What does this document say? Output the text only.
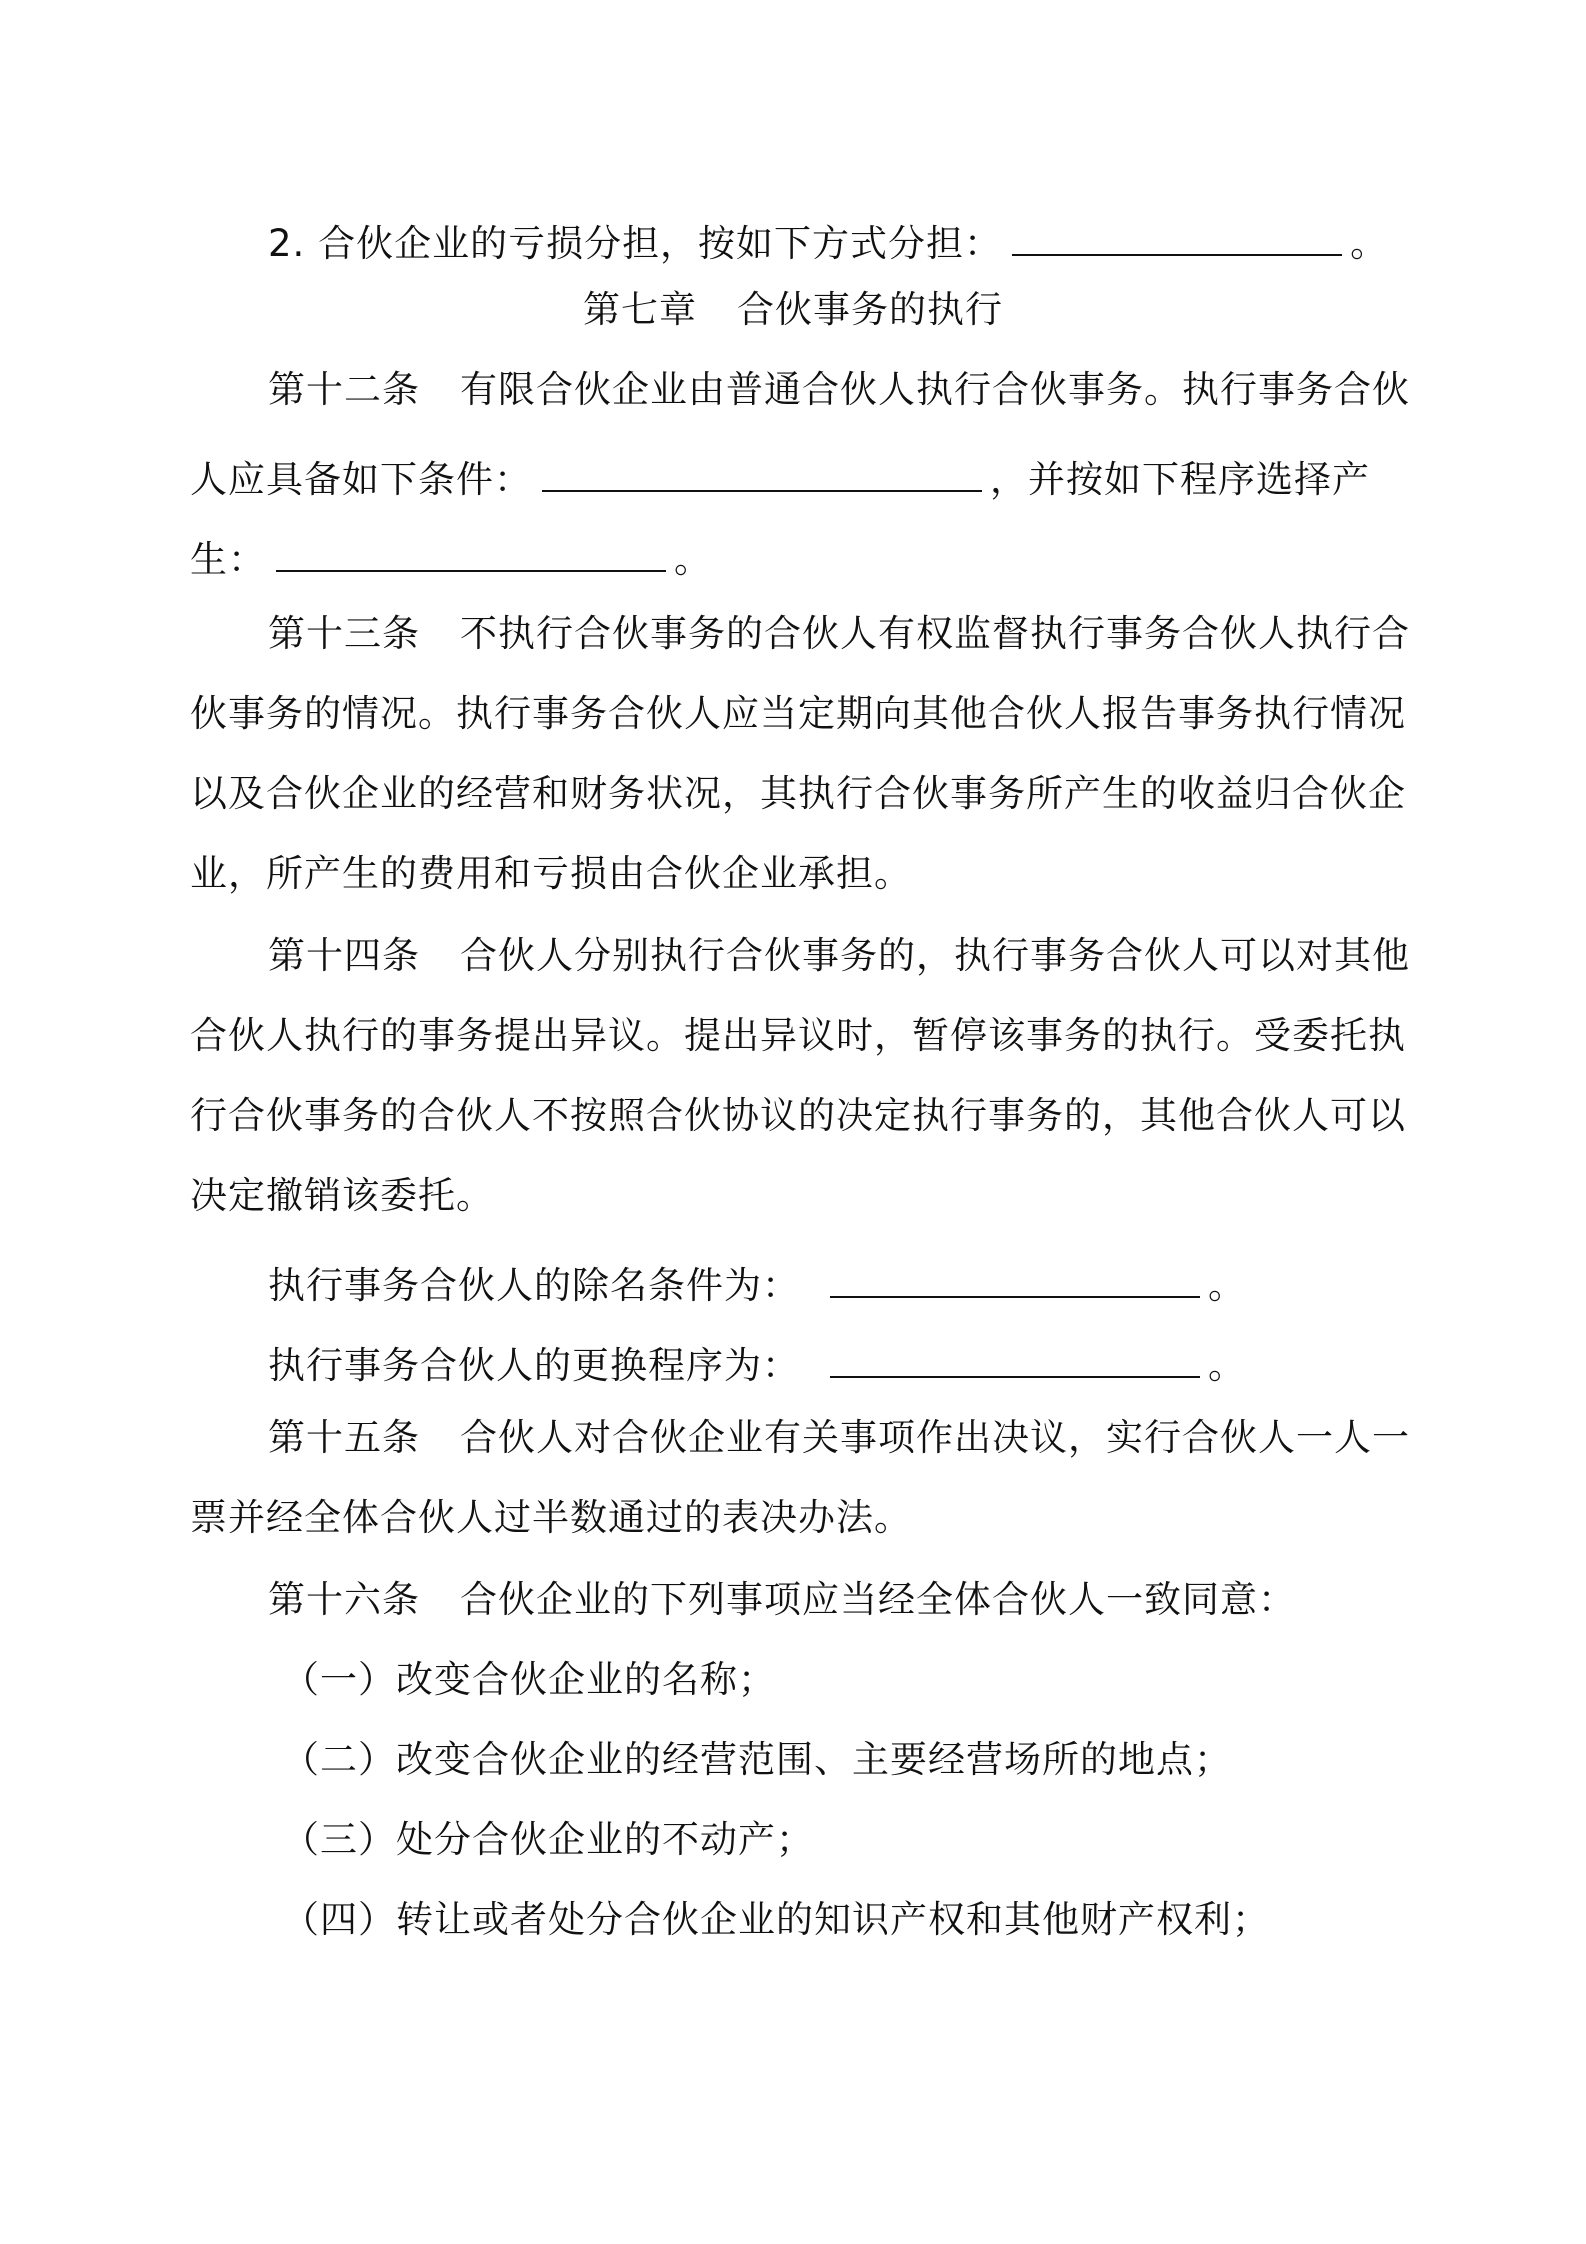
2. 合伙企业的亏损分担，按如下方式分担：	。
第七章 合伙事务的执行
第十二条 有限合伙企业由普通合伙人执行合伙事务。执行事务合伙
人应具备如下条件：	，并按如下程序选择产
生：	。
第十三条 不执行合伙事务的合伙人有权监督执行事务合伙人执行合
伙事务的情况。执行事务合伙人应当定期向其他合伙人报告事务执行情况
以及合伙企业的经营和财务状况，其执行合伙事务所产生的收益归合伙企
业，所产生的费用和亏损由合伙企业承担。
第十四条 合伙人分别执行合伙事务的，执行事务合伙人可以对其他
合伙人执行的事务提出异议。提出异议时，暂停该事务的执行。受委托执
行合伙事务的合伙人不按照合伙协议的决定执行事务的，其他合伙人可以
决定撤销该委托。
执行事务合伙人的除名条件为：	。
执行事务合伙人的更换程序为：	。
第十五条 合伙人对合伙企业有关事项作出决议，实行合伙人一人一
票并经全体合伙人过半数通过的表决办法。
第十六条 合伙企业的下列事项应当经全体合伙人一致同意：
（一）改变合伙企业的名称；
（二）改变合伙企业的经营范围、主要经营场所的地点；
（三）处分合伙企业的不动产；
（四）转让或者处分合伙企业的知识产权和其他财产权利；
